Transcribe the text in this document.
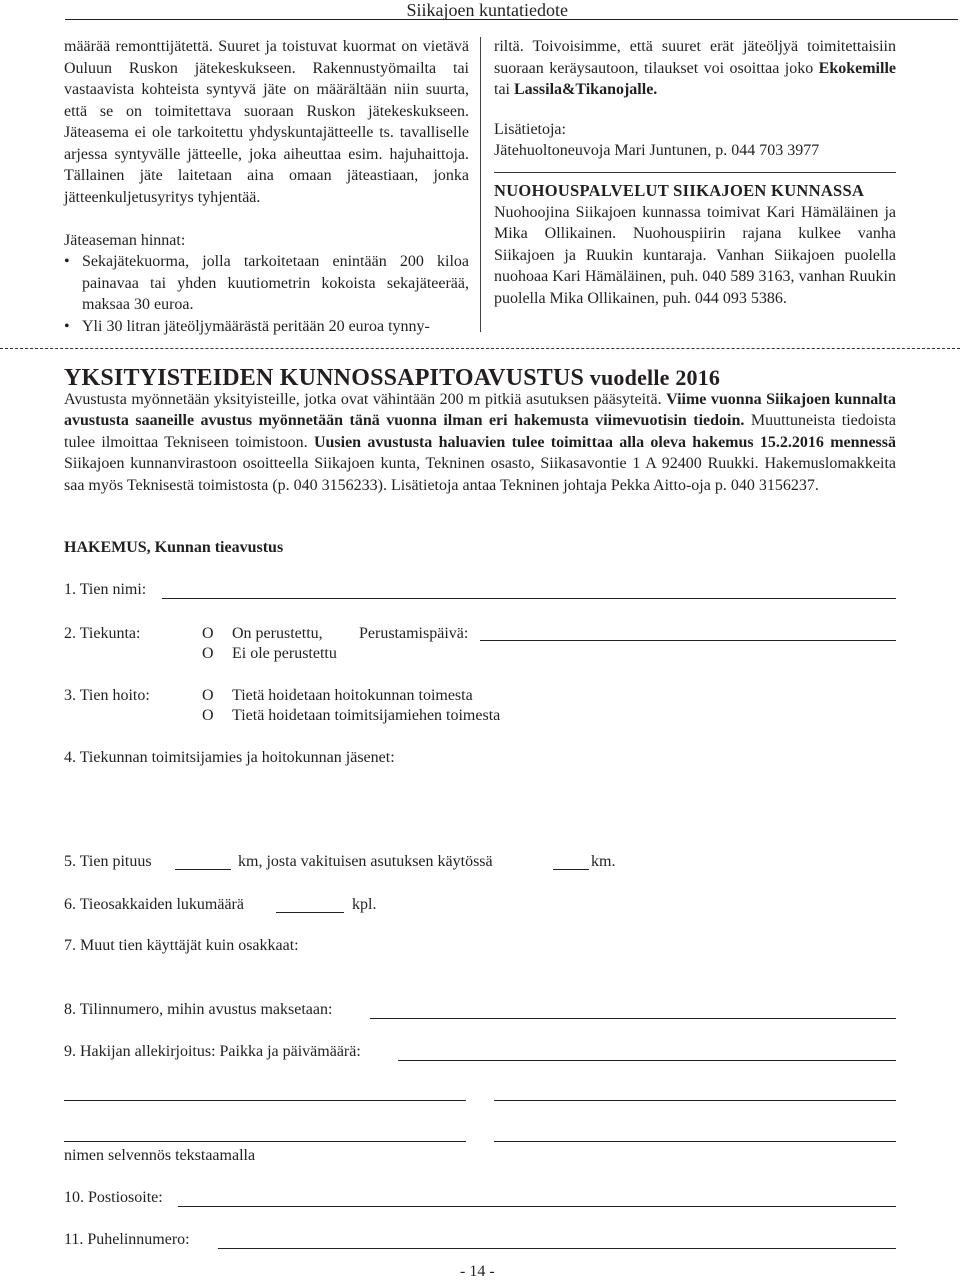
Siikajoen kuntatiedote

määrää remonttijätettä. Suuret ja toistuvat kuormat on vietävä Ouluun Ruskon jätekeskukseen. Rakennustyömailta tai vastaavista kohteista syntyvä jäte on määrältään niin suurta, että se on toimitettava suoraan Ruskon jätekeskukseen. Jäteasema ei ole tarkoitettu yhdyskuntajätteelle ts. tavalliselle arjessa syntyvälle jätteelle, joka aiheuttaa esim. hajuhaittoja. Tällainen jäte laitetaan aina omaan jäteastiaan, jonka jätteenkuljetusyritys tyhjentää.

Jäteaseman hinnat:

• Sekajätekuorma, jolla tarkoitetaan enintään 200 kiloa painavaa tai yhden kuutiometrin kokoista sekajäteerää, maksaa 30 euroa.

• Yli 30 litran jäteöljymäärästä peritään 20 euroa tynny-

riltä. Toivoisimme, että suuret erät jäteöljyä toimitettaisiin suoraan keräysautoon, tilaukset voi osoittaa joko Ekokemille tai Lassila&Tikanojalle.

Lisätietoja:

Jätehuoltoneuvoja Mari Juntunen, p. 044 703 3977

NUOHOUSPALVELUT SIIKAJOEN KUNNASSA

Nuohoojina Siikajoen kunnassa toimivat Kari Hämäläinen ja Mika Ollikainen. Nuohouspiirin rajana kulkee vanha Siikajoen ja Ruukin kuntaraja. Vanhan Siikajoen puolella nuohoaa Kari Hämäläinen, puh. 040 589 3163, vanhan Ruukin puolella Mika Ollikainen, puh. 044 093 5386.

YKSITYISTEIDEN KUNNOSSAPITOAVUSTUS vuodelle 2016

Avustusta myönnetään yksityisteille, jotka ovat vähintään 200 m pitkiä asutuksen pääsyteitä. Viime vuonna Siikajoen kunnalta avustusta saaneille avustus myönnetään tänä vuonna ilman eri hakemusta viimevuotisin tiedoin. Muuttuneista tiedoista tulee ilmoittaa Tekniseen toimistoon. Uusien avustusta haluavien tulee toimittaa alla oleva hakemus 15.2.2016 mennessä Siikajoen kunnanvirastoon osoitteella Siikajoen kunta, Tekninen osasto, Siikasavontie 1 A 92400 Ruukki. Hakemuslomakkeita saa myös Teknisestä toimistosta (p. 040 3156233). Lisätietoja antaa Tekninen johtaja Pekka Aitto-oja p. 040 3156237.

HAKEMUS, Kunnan tieavustus
1. Tien nimi:
2. Tiekunta:	O On perustettu, Perustamispäivä:
O Ei ole perustettu
3. Tien hoito:	O Tietä hoidetaan hoitokunnan toimesta
O Tietä hoidetaan toimitsijamiehen toimesta
4. Tiekunnan toimitsijamies ja hoitokunnan jäsenet:
5. Tien pituus	km, josta vakituisen asutuksen käytössä	km.
6. Tieosakkaiden lukumäärä	kpl.
7. Muut tien käyttäjät kuin osakkaat:
8. Tilinnumero, mihin avustus maksetaan:
9. Hakijan allekirjoitus: Paikka ja päivämäärä:
nimen selvennös tekstaamalla
10. Postiosoite:
11. Puhelinnumero:
- 14 -
